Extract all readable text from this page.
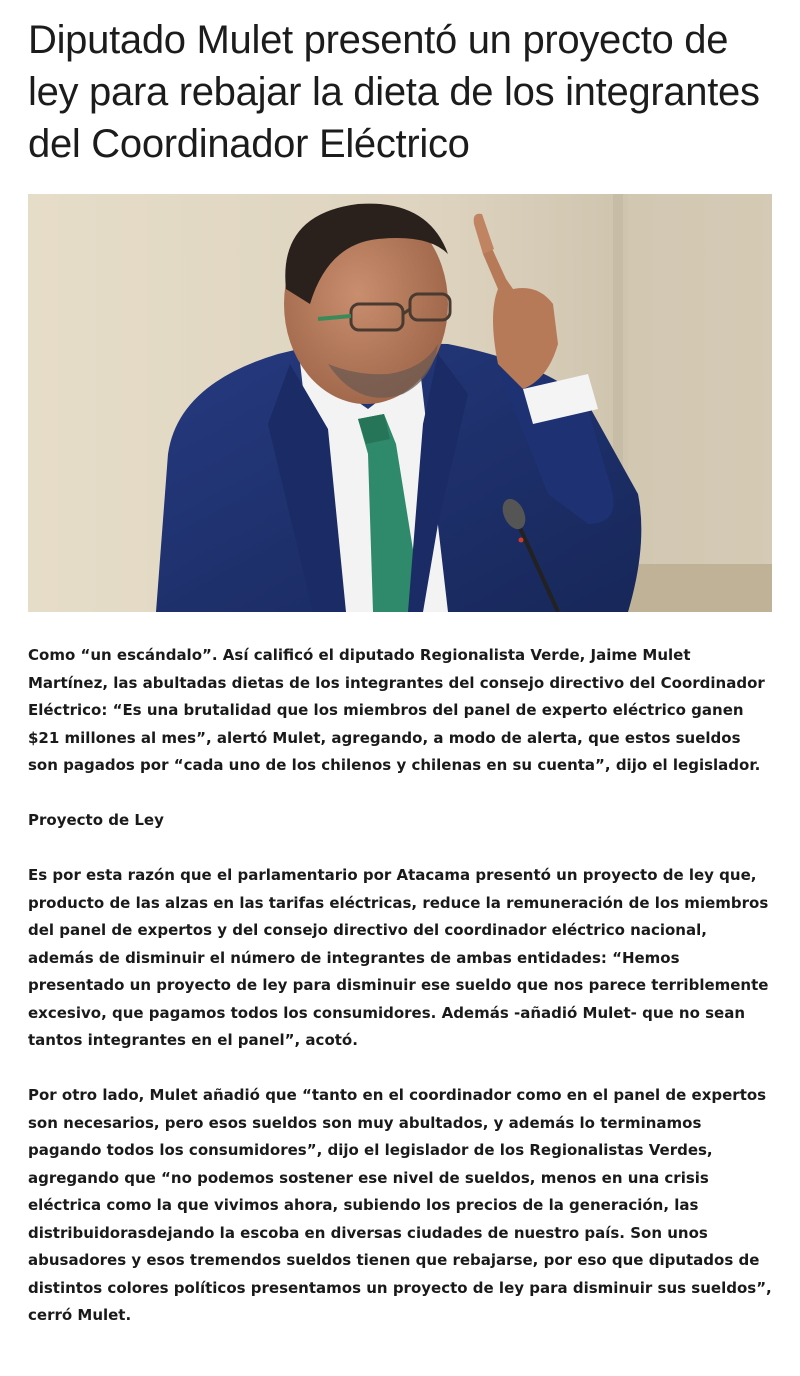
Diputado Mulet presentó un proyecto de ley para rebajar la dieta de los integrantes del Coordinador Eléctrico

Como “un escándalo”. Así calificó el diputado Regionalista Verde, Jaime Mulet Martínez, las abultadas dietas de los integrantes del consejo directivo del Coordinador Eléctrico: “Es una brutalidad que los miembros del panel de experto eléctrico ganen $21 millones al mes”, alertó Mulet, agregando, a modo de alerta, que estos sueldos son pagados por “cada uno de los chilenos y chilenas en su cuenta”, dijo el legislador.

Proyecto de Ley

Es por esta razón que el parlamentario por Atacama presentó un proyecto de ley que, producto de las alzas en las tarifas eléctricas, reduce la remuneración de los miembros del panel de expertos y del consejo directivo del coordinador eléctrico nacional, además de disminuir el número de integrantes de ambas entidades: “Hemos presentado un proyecto de ley para disminuir ese sueldo que nos parece terriblemente excesivo, que pagamos todos los consumidores. Además -añadió Mulet- que no sean tantos integrantes en el panel”, acotó.

Por otro lado, Mulet añadió que “tanto en el coordinador como en el panel de expertos son necesarios, pero esos sueldos son muy abultados, y además lo terminamos pagando todos los consumidores”, dijo el legislador de los Regionalistas Verdes, agregando que “no podemos sostener ese nivel de sueldos, menos en una crisis eléctrica como la que vivimos ahora, subiendo los precios de la generación, las distribuidorasdejando la escoba en diversas ciudades de nuestro país. Son unos abusadores y esos tremendos sueldos tienen que rebajarse, por eso que diputados de distintos colores políticos presentamos un proyecto de ley para disminuir sus sueldos”, cerró Mulet.
